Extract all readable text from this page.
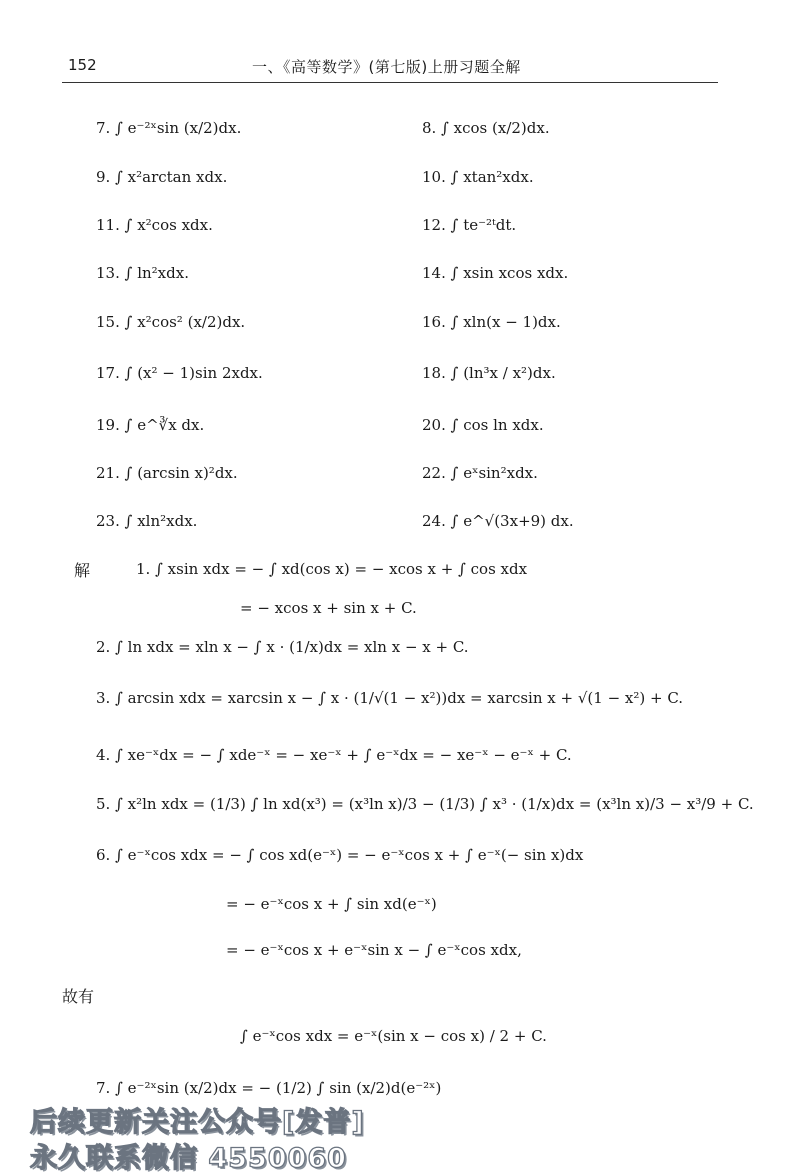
152	一、《高等数学》(第七版)上册习题全解
7. ∫ e⁻²ˣsin (x/2)dx.	8. ∫ xcos (x/2)dx.
9. ∫ x²arctan xdx.	10. ∫ xtan²xdx.
11. ∫ x²cos xdx.	12. ∫ te⁻²ᵗdt.
13. ∫ ln²xdx.	14. ∫ xsin xcos xdx.
15. ∫ x²cos² (x/2)dx.	16. ∫ xln(x − 1)dx.
17. ∫ (x² − 1)sin 2xdx.	18. ∫ (ln³x / x²)dx.
19. ∫ e^∛x dx.	20. ∫ cos ln xdx.
21. ∫ (arcsin x)²dx.	22. ∫ eˣsin²xdx.
23. ∫ xln²xdx.	24. ∫ e^√(3x+9) dx.
解	1. ∫ xsin xdx = − ∫ xd(cos x) = − xcos x + ∫ cos xdx
= − xcos x + sin x + C.
2. ∫ ln xdx = xln x − ∫ x · (1/x)dx = xln x − x + C.
3. ∫ arcsin xdx = xarcsin x − ∫ x · (1/√(1 − x²))dx = xarcsin x + √(1 − x²) + C.
4. ∫ xe⁻ˣdx = − ∫ xde⁻ˣ = − xe⁻ˣ + ∫ e⁻ˣdx = − xe⁻ˣ − e⁻ˣ + C.
5. ∫ x²ln xdx = (1/3) ∫ ln xd(x³) = (x³ln x)/3 − (1/3) ∫ x³ · (1/x)dx = (x³ln x)/3 − x³/9 + C.
6. ∫ e⁻ˣcos xdx = − ∫ cos xd(e⁻ˣ) = − e⁻ˣcos x + ∫ e⁻ˣ(− sin x)dx
= − e⁻ˣcos x + ∫ sin xd(e⁻ˣ)
= − e⁻ˣcos x + e⁻ˣsin x − ∫ e⁻ˣcos xdx,
故有
∫ e⁻ˣcos xdx = e⁻ˣ(sin x − cos x) / 2 + C.
7. ∫ e⁻²ˣsin (x/2)dx = − (1/2) ∫ sin (x/2)d(e⁻²ˣ)
后续更新关注公众号[发普]
永久联系微信 4550060
